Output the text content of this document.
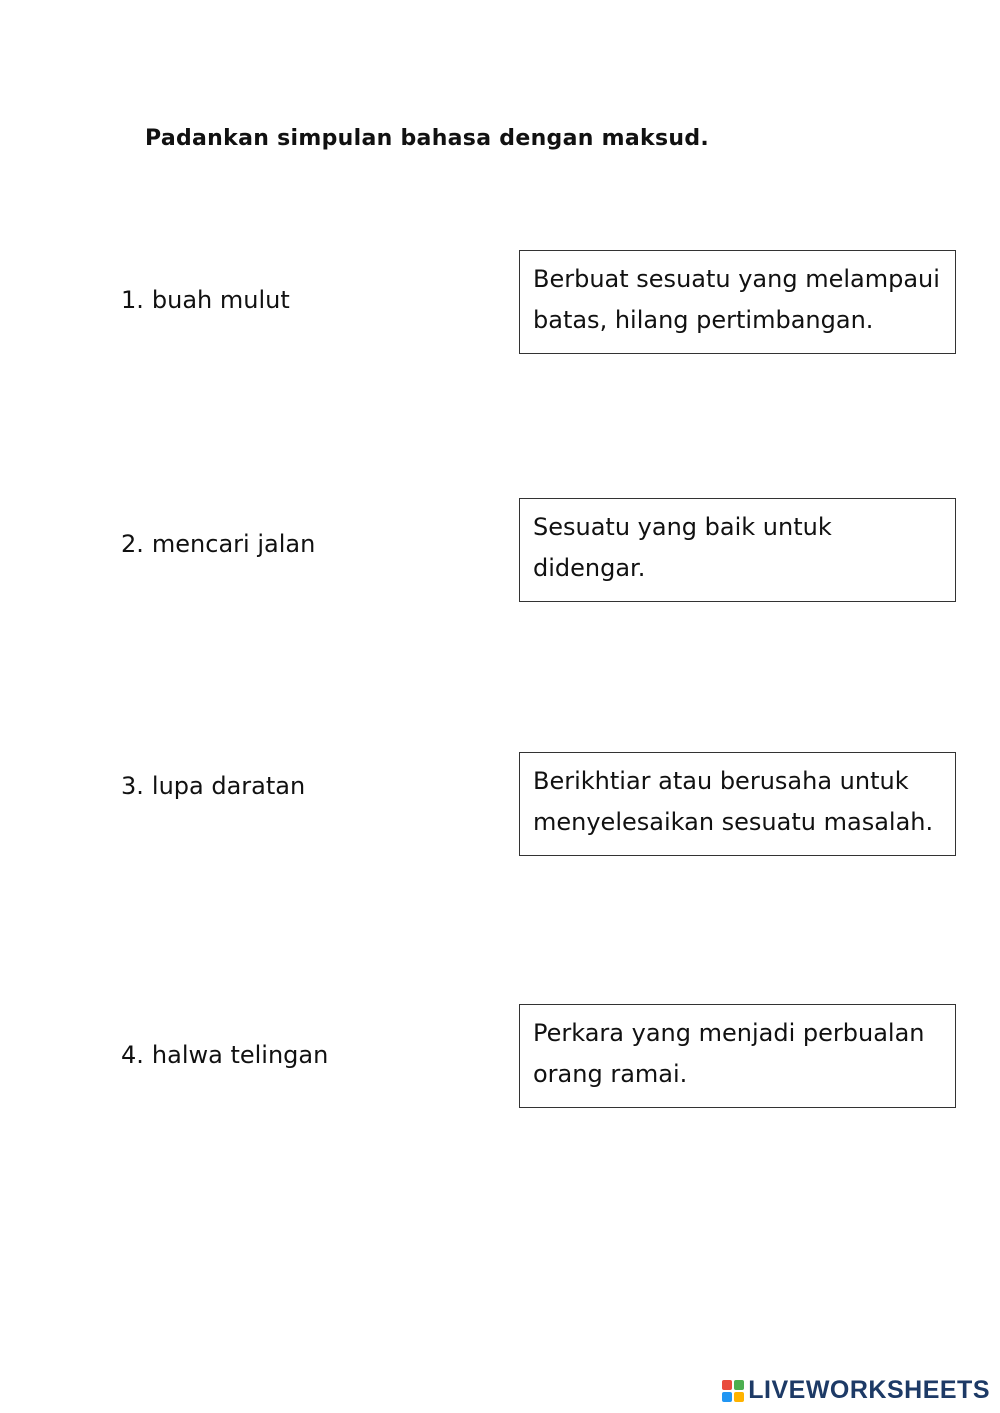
Padankan simpulan bahasa dengan maksud.
1. buah mulut
2. mencari jalan
3. lupa daratan
4. halwa telingan
Berbuat sesuatu yang melampaui
batas, hilang pertimbangan.
Sesuatu yang baik untuk
didengar.
Berikhtiar atau berusaha untuk
menyelesaikan sesuatu masalah.
Perkara yang menjadi perbualan
orang ramai.
LIVEWORKSHEETS
